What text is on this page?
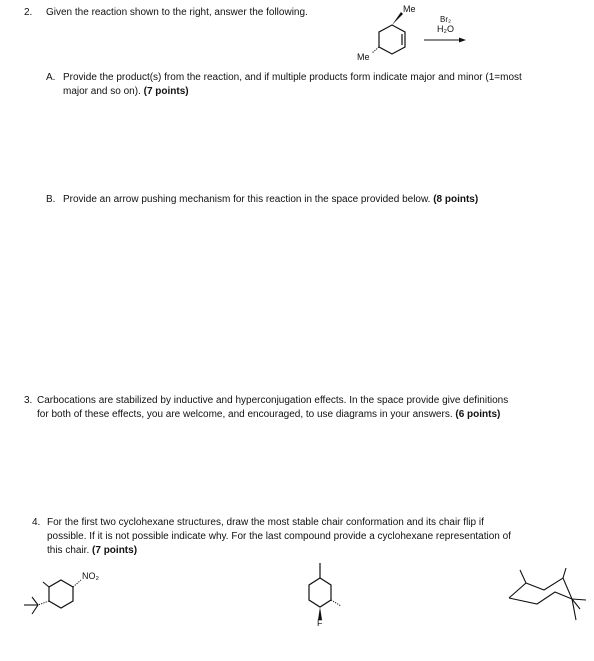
2. Given the reaction shown to the right, answer the following.	Me
Me
Br₂
H₂O
A. Provide the product(s) from the reaction, and if multiple products form indicate major and minor (1=most
major and so on). (7 points)
B. Provide an arrow pushing mechanism for this reaction in the space provided below. (8 points)
3. Carbocations are stabilized by inductive and hyperconjugation effects. In the space provide give definitions
for both of these effects, you are welcome, and encouraged, to use diagrams in your answers. (6 points)
4. For the first two cyclohexane structures, draw the most stable chair conformation and its chair flip if
possible. If it is not possible indicate why. For the last compound provide a cyclohexane representation of
this chair. (7 points)
NO₂
F
